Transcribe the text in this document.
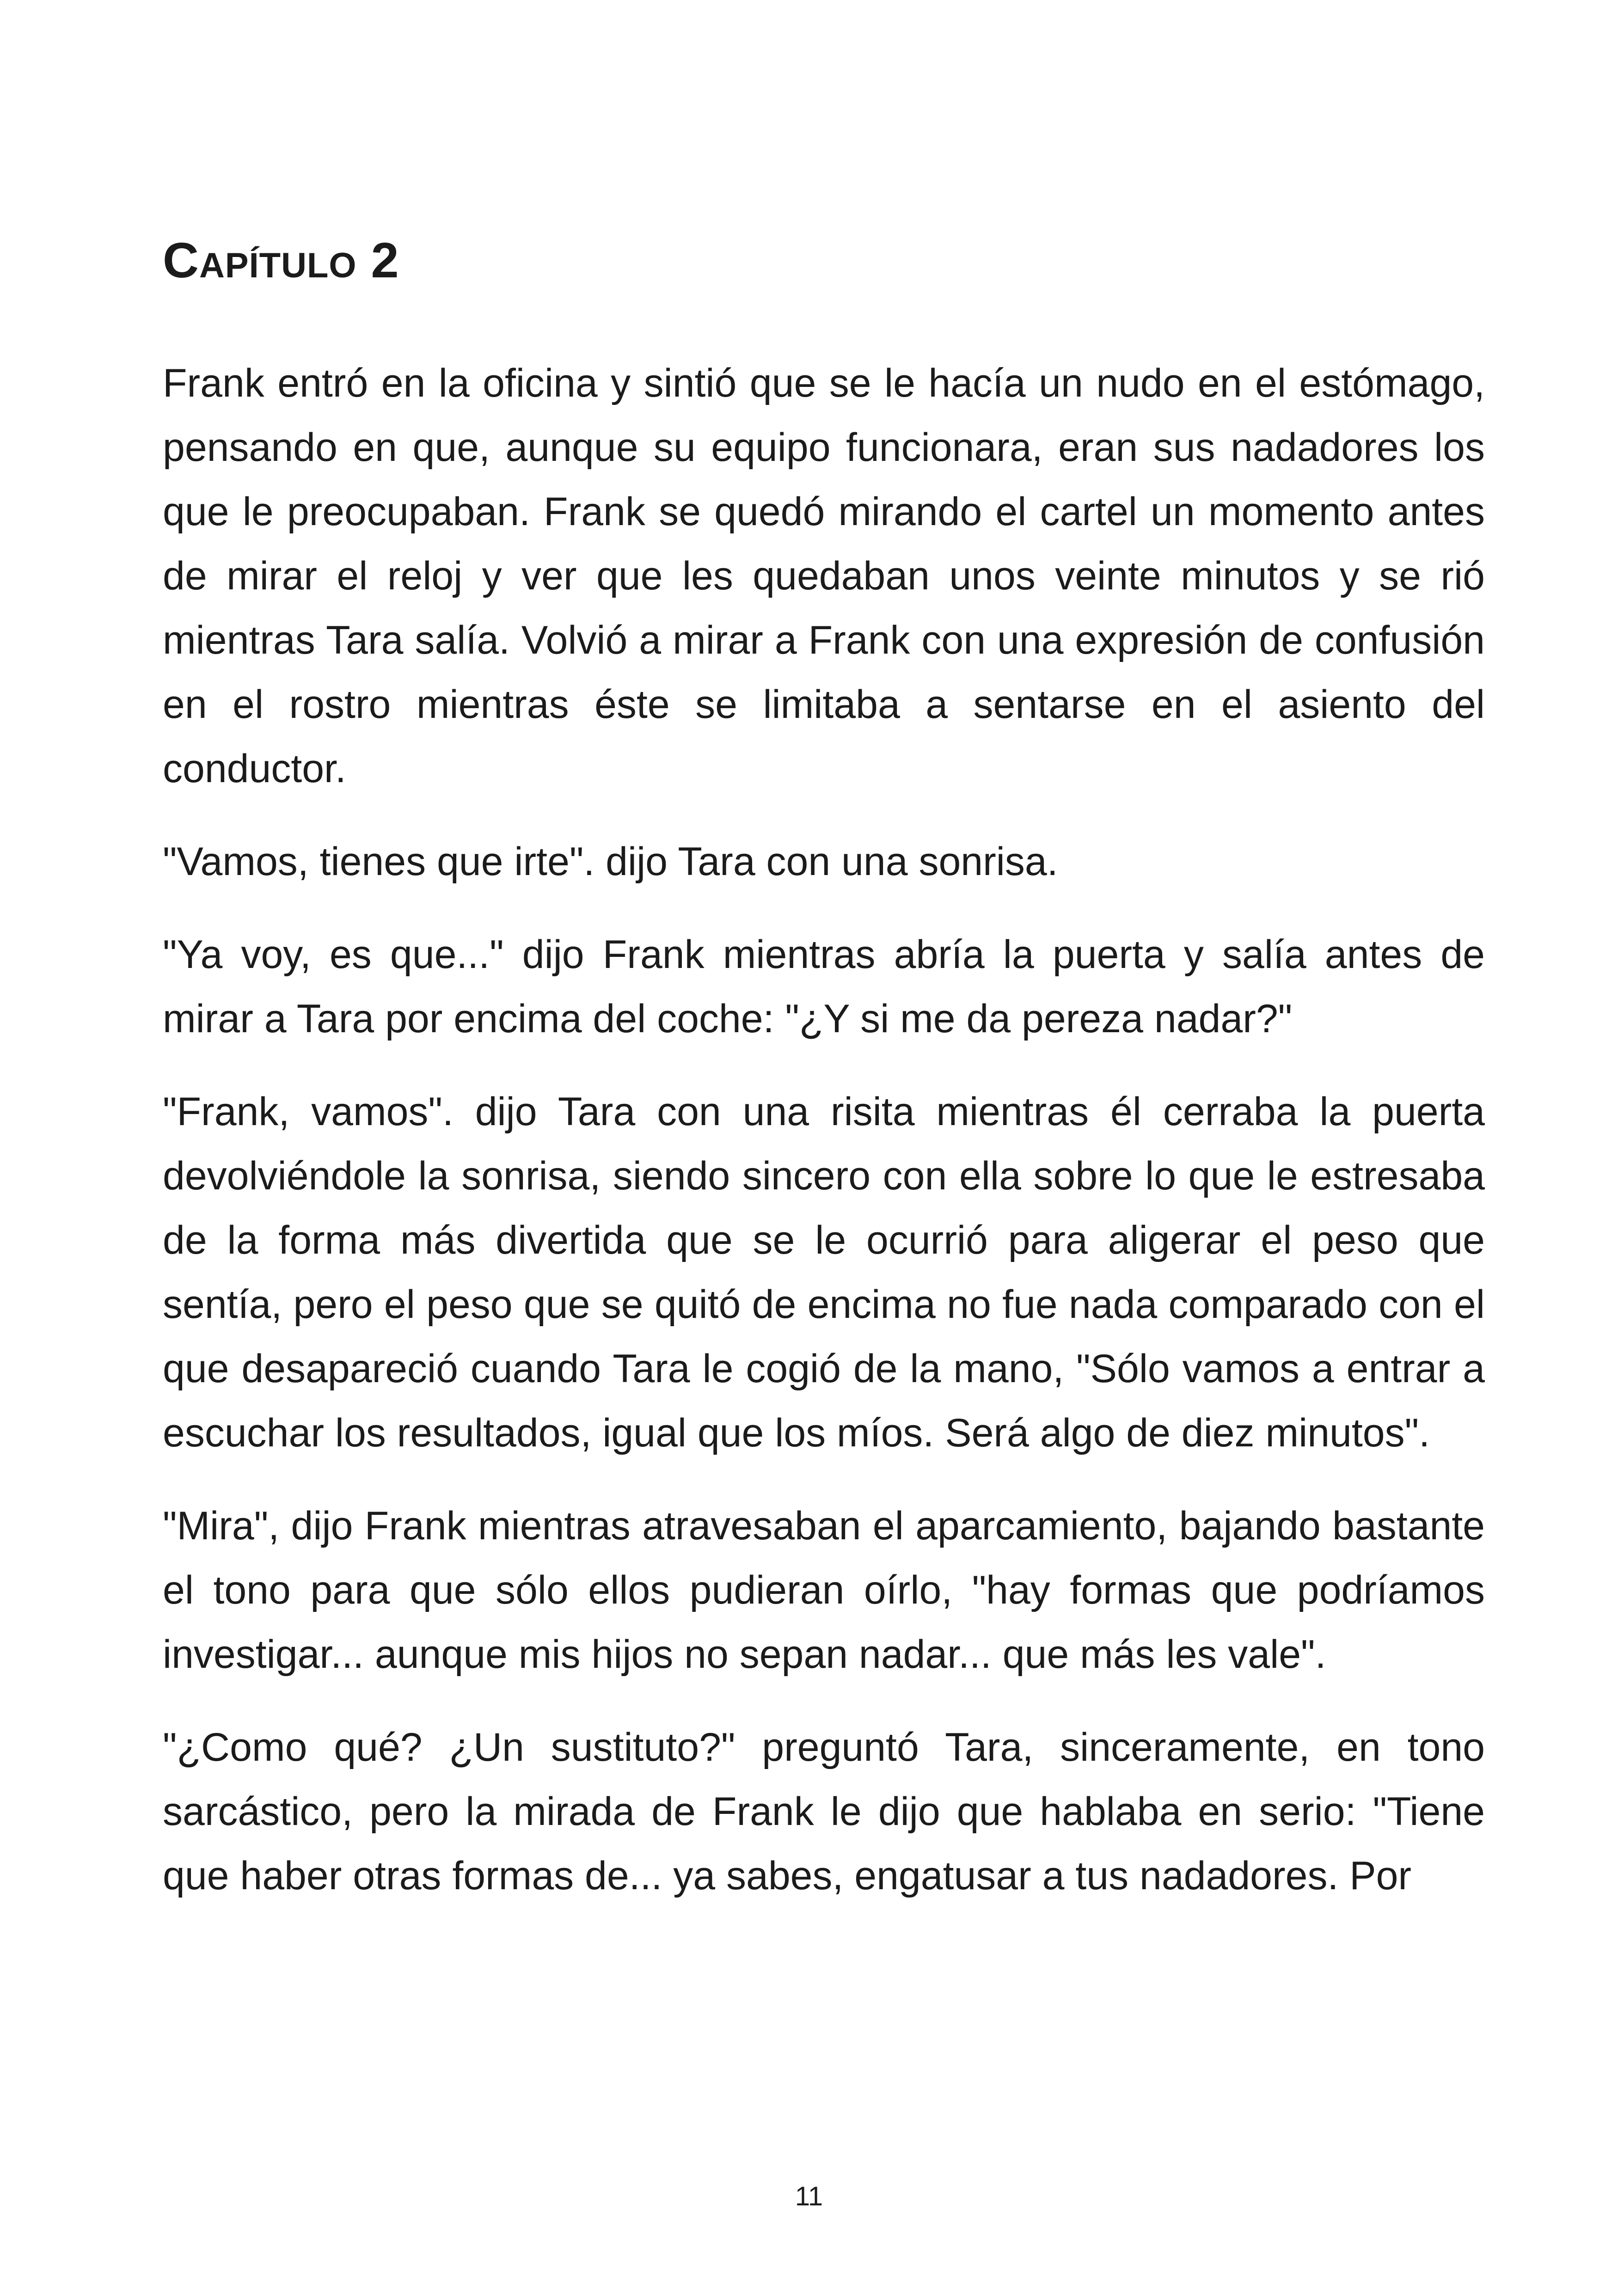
Capítulo 2

Frank entró en la oficina y sintió que se le hacía un nudo en el estómago, pensando en que, aunque su equipo funcionara, eran sus nadadores los que le preocupaban. Frank se quedó mirando el cartel un momento antes de mirar el reloj y ver que les quedaban unos veinte minutos y se rió mientras Tara salía. Volvió a mirar a Frank con una expresión de confusión en el rostro mientras éste se limitaba a sentarse en el asiento del conductor.

"Vamos, tienes que irte". dijo Tara con una sonrisa.

"Ya voy, es que..." dijo Frank mientras abría la puerta y salía antes de mirar a Tara por encima del coche: "¿Y si me da pereza nadar?"

"Frank, vamos". dijo Tara con una risita mientras él cerraba la puerta devolviéndole la sonrisa, siendo sincero con ella sobre lo que le estresaba de la forma más divertida que se le ocurrió para aligerar el peso que sentía, pero el peso que se quitó de encima no fue nada comparado con el que desapareció cuando Tara le cogió de la mano, "Sólo vamos a entrar a escuchar los resultados, igual que los míos. Será algo de diez minutos".

"Mira", dijo Frank mientras atravesaban el aparcamiento, bajando bastante el tono para que sólo ellos pudieran oírlo, "hay formas que podríamos investigar... aunque mis hijos no sepan nadar... que más les vale".

"¿Como qué? ¿Un sustituto?" preguntó Tara, sinceramente, en tono sarcástico, pero la mirada de Frank le dijo que hablaba en serio: "Tiene que haber otras formas de... ya sabes, engatusar a tus nadadores. Por

11
